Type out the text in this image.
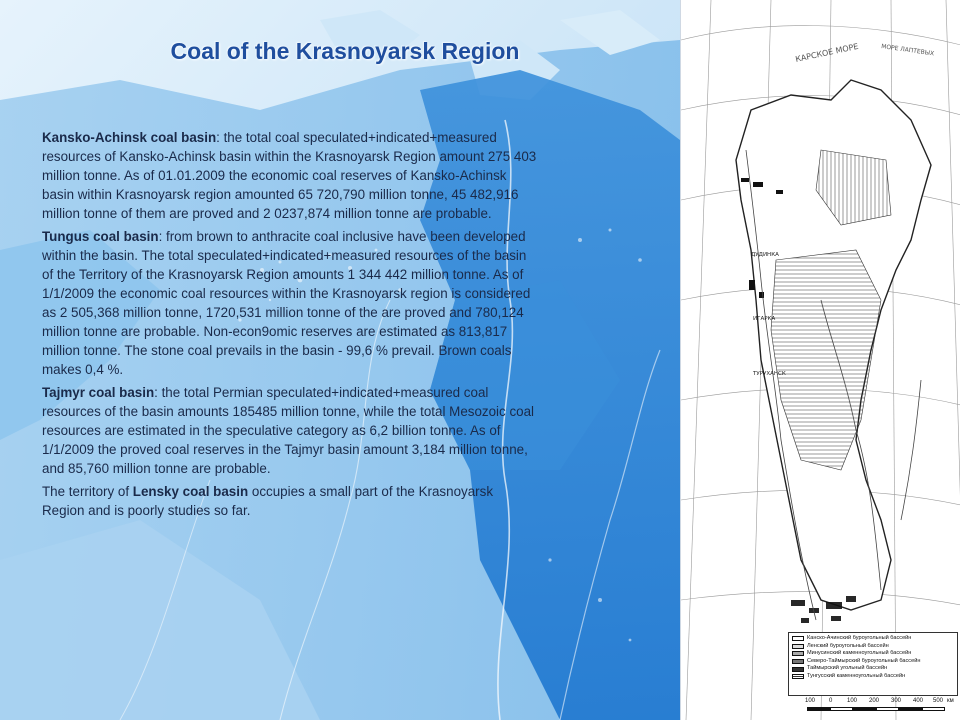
Coal of the Krasnoyarsk Region

Kansko-Achinsk coal basin: the total coal speculated+indicated+measured resources of Kansko-Achinsk basin within the Krasnoyarsk Region amount 275 403 million tonne. As of 01.01.2009 the economic coal reserves of Kansko-Achinsk basin within Krasnoyarsk region amounted 65 720,790 million tonne, 45 482,916 million tonne of them are proved and 2 0237,874 million tonne are probable.

Tungus coal basin: from brown to anthracite coal inclusive have been developed within the basin. The total speculated+indicated+measured resources of the basin of the Territory of the Krasnoyarsk Region amounts 1 344 442 million tonne. As of 1/1/2009 the economic coal resources within the Krasnoyarsk region is considered as 2 505,368 million tonne, 1720,531 million tonne of the are proved and 780,124 million tonne are probable. Non-econ9omic reserves are estimated as 813,817 million tonne. The stone coal prevails in the basin - 99,6 % prevail. Brown coals makes 0,4 %.

Tajmyr coal basin: the total Permian speculated+indicated+measured coal resources of the basin amounts 185485 million tonne, while the total Mesozoic coal resources are estimated in the speculative category as 6,2 billion tonne. As of 1/1/2009 the proved coal reserves in the Tajmyr basin amount 3,184 million tonne, and 85,760 million tonne are probable.

The territory of Lensky coal basin occupies a small part of the Krasnoyarsk Region and is poorly studies so far.

КАРСКОЕ МОРЕ	МОРЕ ЛАПТЕВЫХ
ДУДИНКА
ИГАРКА
ТУРУХАНСК
Канско-Ачинский буроугольный бассейн
Ленский буроугольный бассейн
Минусинский каменноугольный бассейн
Северо-Таймырский буроугольный бассейн
Таймырский угольный бассейн
Тунгусский каменноугольный бассейн
100 0 100 200 300 400 500 км
